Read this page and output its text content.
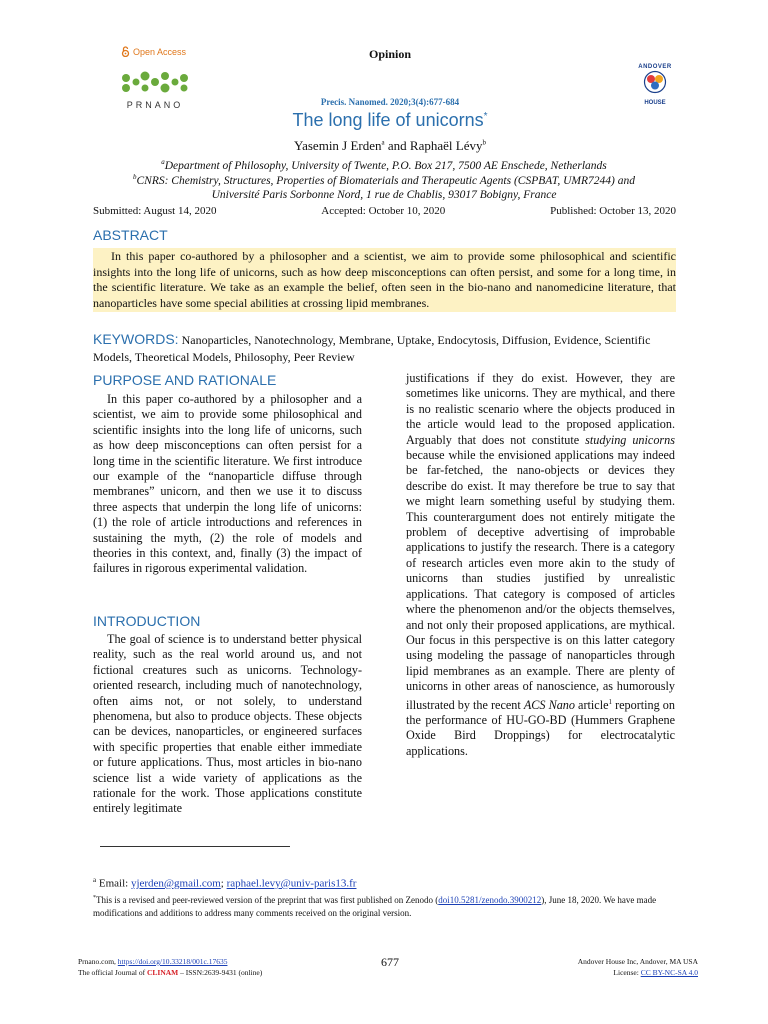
Open Access
PRNANO
Opinion
ANDOVER
HOUSE
Precis. Nanomed. 2020;3(4):677-684
The long life of unicorns*
Yasemin J Erden$^a$ and Raphaël Lévy$^b$
$^a$Department of Philosophy, University of Twente, P.O. Box 217, 7500 AE Enschede, Netherlands
$^b$CNRS: Chemistry, Structures, Properties of Biomaterials and Therapeutic Agents (CSPBAT, UMR7244) and
Université Paris Sorbonne Nord, 1 rue de Chablis, 93017 Bobigny, France
Submitted: August 14, 2020	Accepted: October 10, 2020	Published: October 13, 2020
ABSTRACT
In this paper co-authored by a philosopher and a scientist, we aim to provide some philosophical and scientific insights into the long life of unicorns, such as how deep misconceptions can often persist, and some for a long time, in the scientific literature. We take as an example the belief, often seen in the bio-nano and nanomedicine literature, that nanoparticles have some special abilities at crossing lipid membranes.
KEYWORDS: Nanoparticles, Nanotechnology, Membrane, Uptake, Endocytosis, Diffusion, Evidence, Scientific Models, Theoretical Models, Philosophy, Peer Review
PURPOSE AND RATIONALE

In this paper co-authored by a philosopher and a scientist, we aim to provide some philosophical and scientific insights into the long life of unicorns, such as how deep misconceptions can often persist for a long time in the scientific literature. We first introduce our example of the “nanoparticle diffuse through membranes” unicorn, and then we use it to discuss three aspects that underpin the long life of unicorns: (1) the role of article introductions and references in sustaining the myth, (2) the role of models and theories in this context, and, finally (3) the impact of failures in rigorous experimental validation.

INTRODUCTION

The goal of science is to understand better physical reality, such as the real world around us, and not fictional creatures such as unicorns. Technology-oriented research, including much of nanotechnology, often aims not, or not solely, to understand phenomena, but also to produce objects. These objects can be devices, nanoparticles, or engineered surfaces with specific properties that enable either immediate or future applications. Thus, most articles in bio-nano science list a wide variety of applications as the rationale for the work. Those applications constitute entirely legitimate

justifications if they do exist. However, they are sometimes like unicorns. They are mythical, and there is no realistic scenario where the objects produced in the article would lead to the proposed application. Arguably that does not constitute studying unicorns because while the envisioned applications may indeed be far-fetched, the nano-objects or devices they describe do exist. It may therefore be true to say that we might learn something useful by studying them. This counterargument does not entirely mitigate the problem of deceptive advertising of improbable applications to justify the research. There is a category of research articles even more akin to the study of unicorns than studies justified by unrealistic applications. That category is composed of articles where the phenomenon and/or the objects themselves, and not only their proposed applications, are mythical. Our focus in this perspective is on this latter category using modeling the passage of nanoparticles through lipid membranes as an example. There are plenty of unicorns in other areas of nanoscience, as humorously illustrated by the recent ACS Nano article$^1$ reporting on the performance of HU-GO-BD (Hummers Graphene Oxide Bird Droppings) for electrocatalytic applications.

$^a$ Email: yjerden@gmail.com; raphael.levy@univ-paris13.fr
*This is a revised and peer-reviewed version of the preprint that was first published on Zenodo (doi10.5281/zenodo.3900212), June 18, 2020. We have made modifications and additions to address many comments received on the original version.
Prnano.com, https://doi.org/10.33218/001c.17635
The official Journal of CLINAM – ISSN:2639-9431 (online)
677	Andover House Inc, Andover, MA USA
License: CC BY-NC-SA 4.0
